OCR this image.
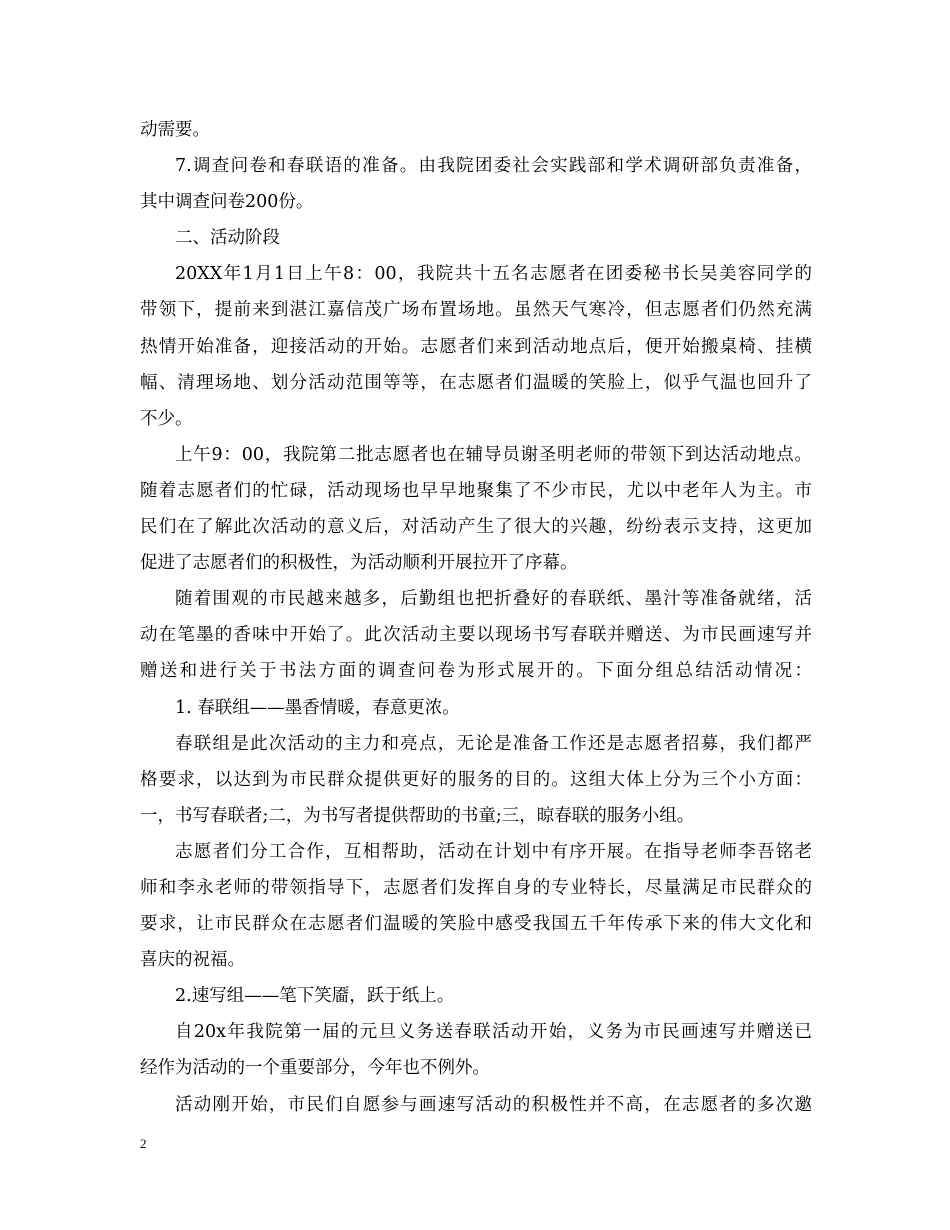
动需要。
7.调查问卷和春联语的准备。由我院团委社会实践部和学术调研部负责准备，
其中调查问卷200份。
二、活动阶段
20XX年1月1日上午8：00，我院共十五名志愿者在团委秘书长吴美容同学的
带领下，提前来到湛江嘉信茂广场布置场地。虽然天气寒冷，但志愿者们仍然充满
热情开始准备，迎接活动的开始。志愿者们来到活动地点后，便开始搬桌椅、挂横
幅、清理场地、划分活动范围等等，在志愿者们温暖的笑脸上，似乎气温也回升了
不少。
上午9：00，我院第二批志愿者也在辅导员谢圣明老师的带领下到达活动地点。
随着志愿者们的忙碌，活动现场也早早地聚集了不少市民，尤以中老年人为主。市
民们在了解此次活动的意义后，对活动产生了很大的兴趣，纷纷表示支持，这更加
促进了志愿者们的积极性，为活动顺利开展拉开了序幕。
随着围观的市民越来越多，后勤组也把折叠好的春联纸、墨汁等准备就绪，活
动在笔墨的香味中开始了。此次活动主要以现场书写春联并赠送、为市民画速写并
赠送和进行关于书法方面的调查问卷为形式展开的。下面分组总结活动情况：
1. 春联组——墨香情暖，春意更浓。
春联组是此次活动的主力和亮点，无论是准备工作还是志愿者招募，我们都严
格要求，以达到为市民群众提供更好的服务的目的。这组大体上分为三个小方面：
一，书写春联者;二，为书写者提供帮助的书童;三，晾春联的服务小组。
志愿者们分工合作，互相帮助，活动在计划中有序开展。在指导老师李吾铭老
师和李永老师的带领指导下，志愿者们发挥自身的专业特长，尽量满足市民群众的
要求，让市民群众在志愿者们温暖的笑脸中感受我国五千年传承下来的伟大文化和
喜庆的祝福。
2.速写组——笔下笑靥，跃于纸上。
自20x年我院第一届的元旦义务送春联活动开始，义务为市民画速写并赠送已
经作为活动的一个重要部分，今年也不例外。
活动刚开始，市民们自愿参与画速写活动的积极性并不高，在志愿者的多次邀
2
